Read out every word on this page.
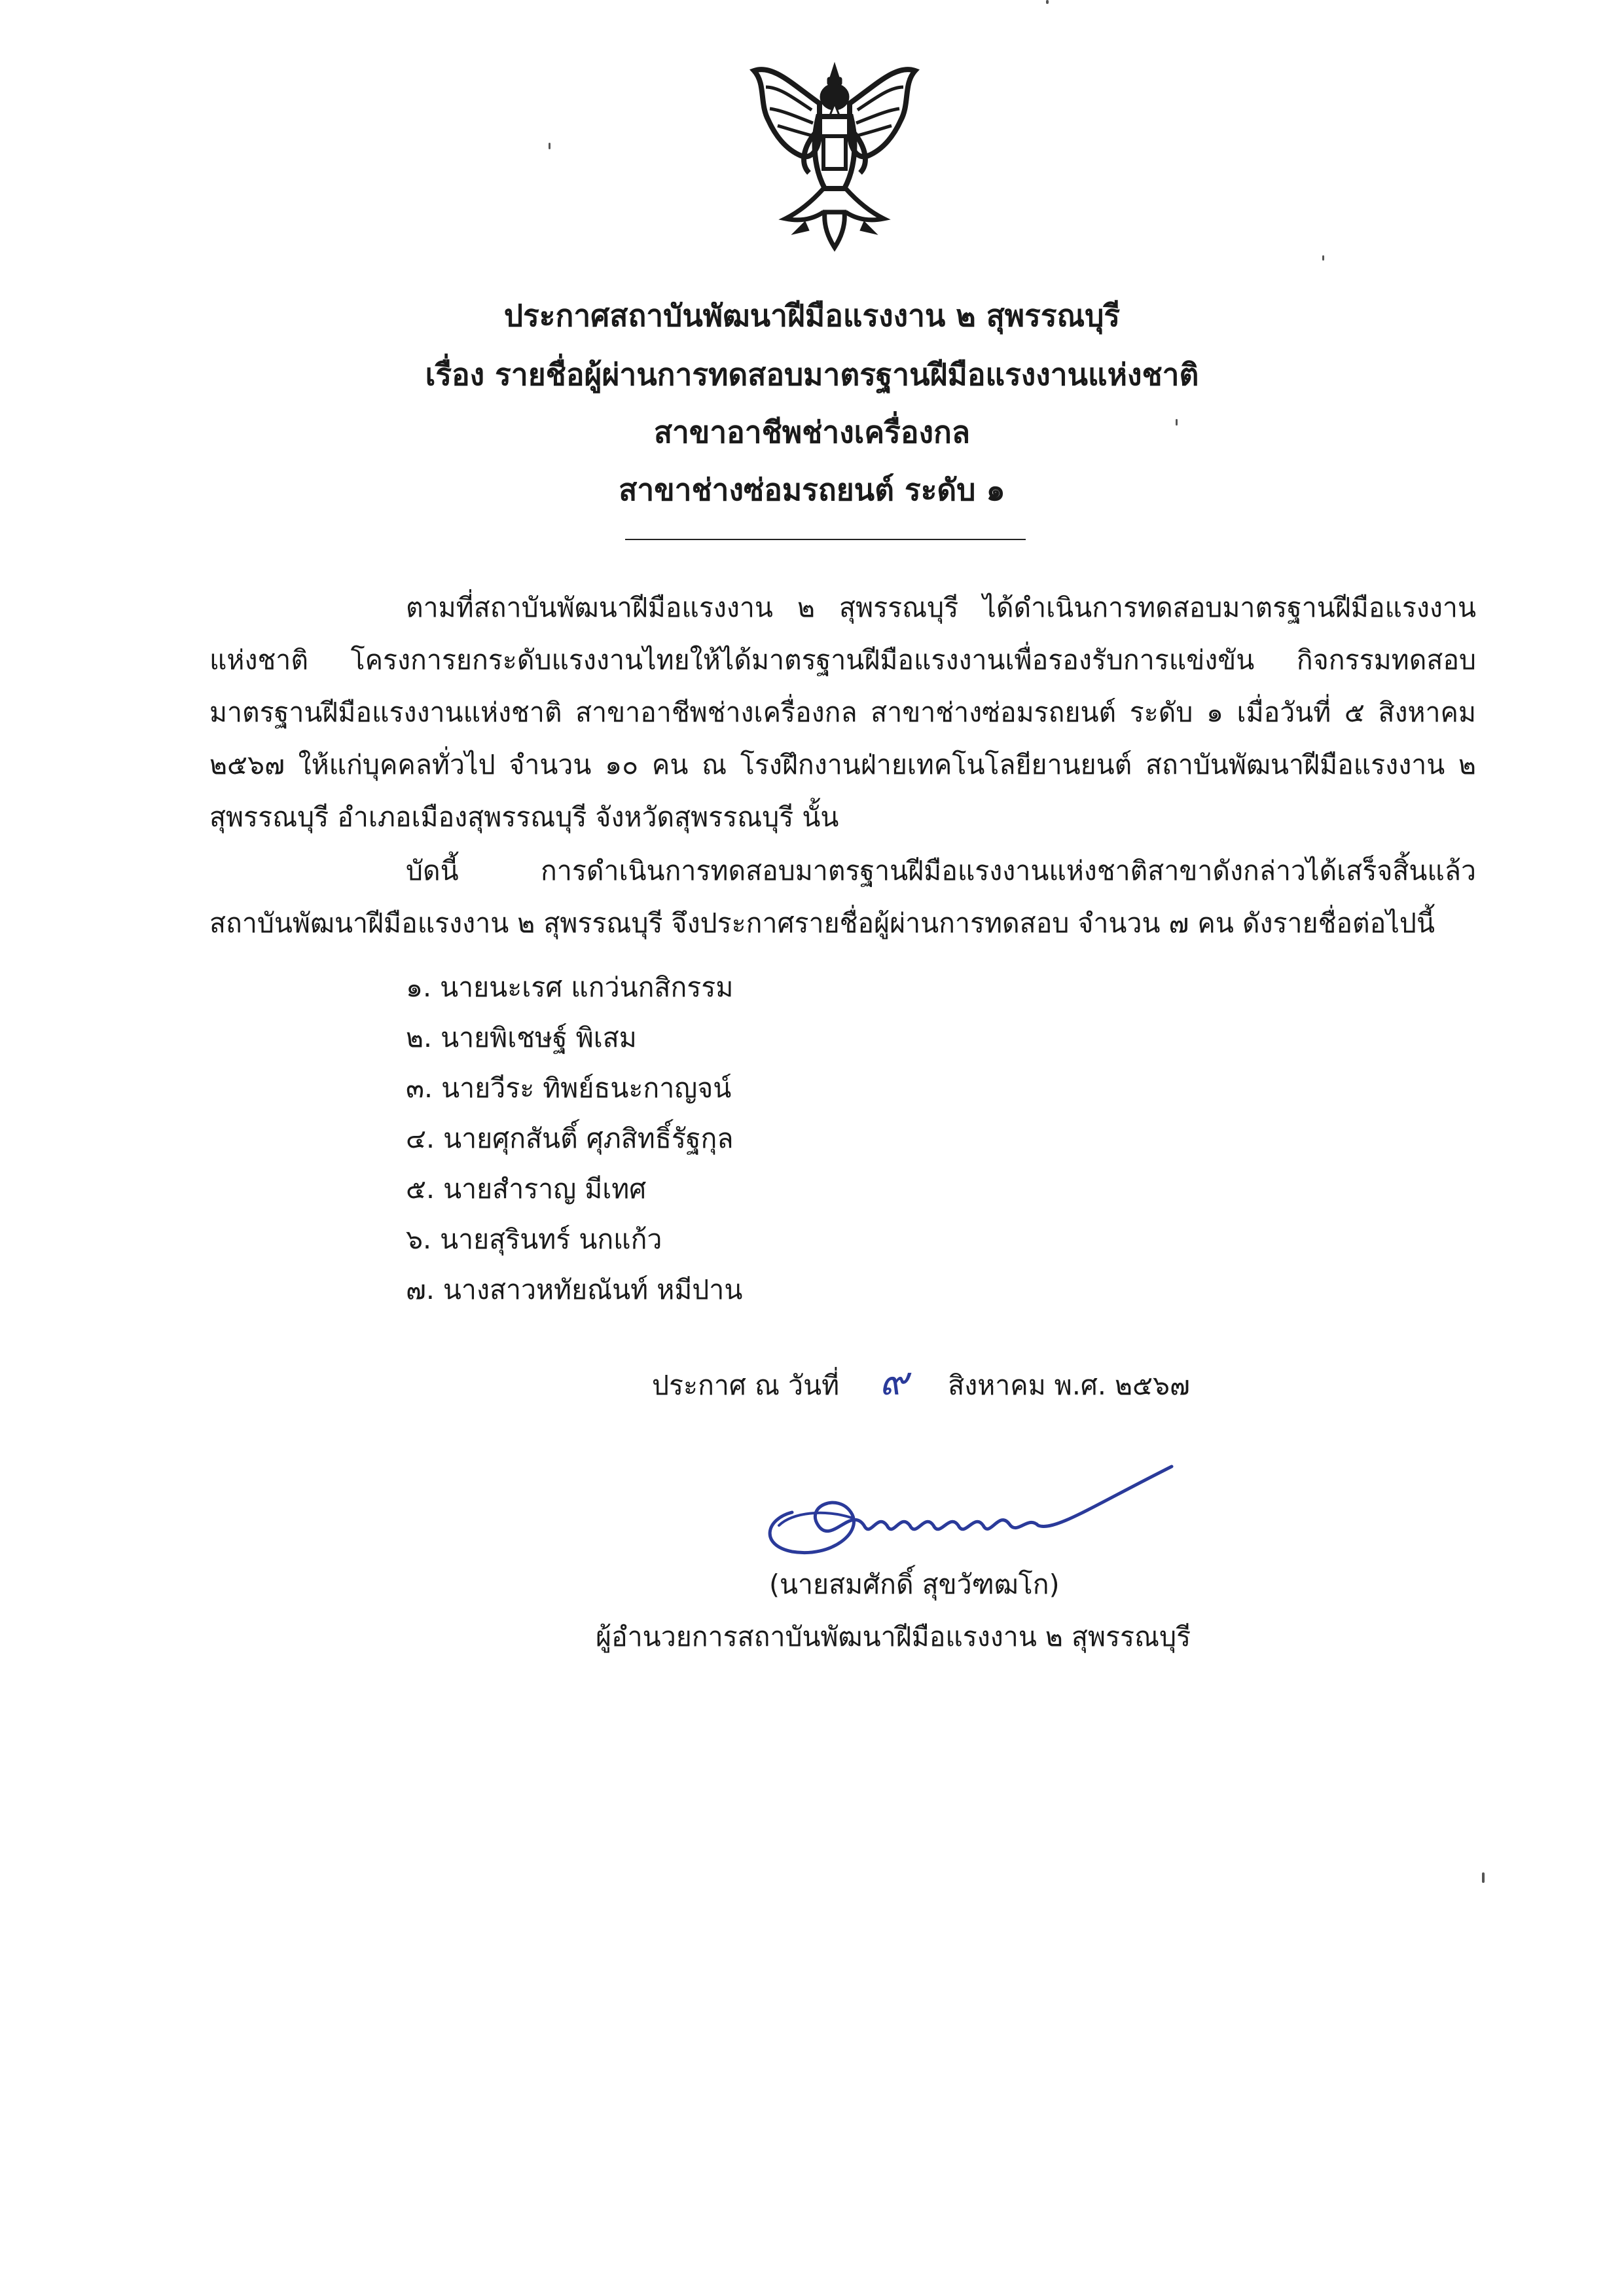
ประกาศสถาบันพัฒนาฝีมือแรงงาน ๒ สุพรรณบุรี
เรื่อง รายชื่อผู้ผ่านการทดสอบมาตรฐานฝีมือแรงงานแห่งชาติ
สาขาอาชีพช่างเครื่องกล
สาขาช่างซ่อมรถยนต์ ระดับ ๑
ตามที่สถาบันพัฒนาฝีมือแรงงาน ๒ สุพรรณบุรี ได้ดำเนินการทดสอบมาตรฐานฝีมือแรงงานแห่งชาติ โครงการยกระดับแรงงานไทยให้ได้มาตรฐานฝีมือแรงงานเพื่อรองรับการแข่งขัน กิจกรรมทดสอบมาตรฐานฝีมือแรงงานแห่งชาติ สาขาอาชีพช่างเครื่องกล สาขาช่างซ่อมรถยนต์ ระดับ ๑ เมื่อวันที่ ๕ สิงหาคม ๒๕๖๗ ให้แก่บุคคลทั่วไป จำนวน ๑๐ คน ณ โรงฝึกงานฝ่ายเทคโนโลยียานยนต์ สถาบันพัฒนาฝีมือแรงงาน ๒ สุพรรณบุรี อำเภอเมืองสุพรรณบุรี จังหวัดสุพรรณบุรี นั้น
บัดนี้ การดำเนินการทดสอบมาตรฐานฝีมือแรงงานแห่งชาติสาขาดังกล่าวได้เสร็จสิ้นแล้ว สถาบันพัฒนาฝีมือแรงงาน ๒ สุพรรณบุรี จึงประกาศรายชื่อผู้ผ่านการทดสอบ จำนวน ๗ คน ดังรายชื่อต่อไปนี้
๑. นายนะเรศ แกว่นกสิกรรม
๒. นายพิเชษฐ์ พิเสม
๓. นายวีระ ทิพย์ธนะกาญจน์
๔. นายศุกสันติ์ ศุภสิทธิ์รัฐกุล
๕. นายสำราญ มีเทศ
๖. นายสุรินทร์ นกแก้ว
๗. นางสาวหทัยณันท์ หมีปาน
ประกาศ ณ วันที่ ๙ สิงหาคม พ.ศ. ๒๕๖๗
(นายสมศักดิ์ สุขวัฑฒโก)
ผู้อำนวยการสถาบันพัฒนาฝีมือแรงงาน ๒ สุพรรณบุรี
